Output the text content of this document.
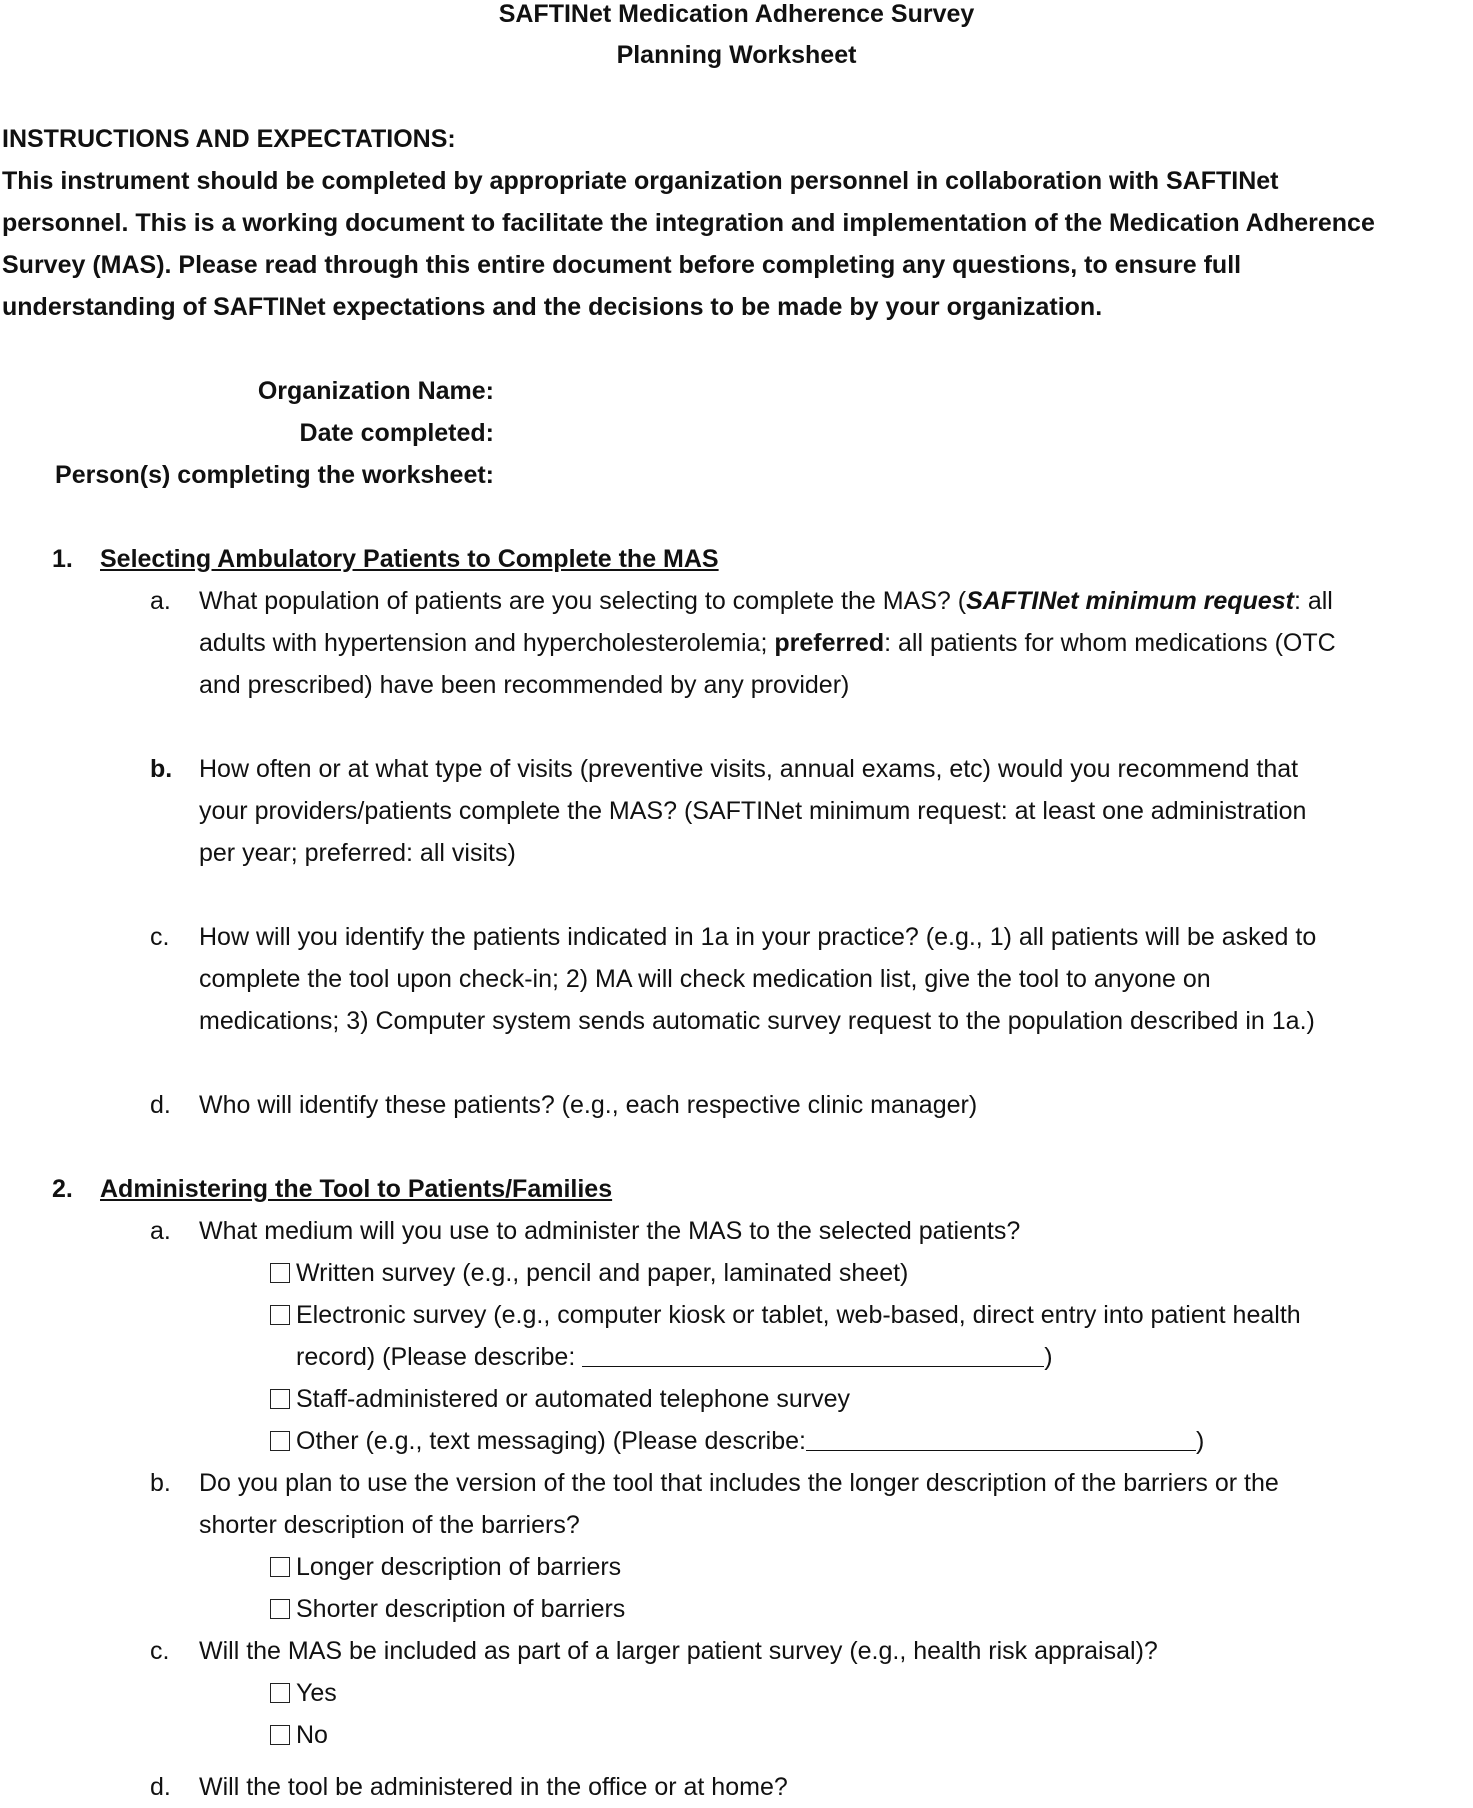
SAFTINet Medication Adherence Survey
Planning Worksheet
INSTRUCTIONS AND EXPECTATIONS:
This instrument should be completed by appropriate organization personnel in collaboration with SAFTINet
personnel. This is a working document to facilitate the integration and implementation of the Medication Adherence
Survey (MAS). Please read through this entire document before completing any questions, to ensure full
understanding of SAFTINet expectations and the decisions to be made by your organization.
Organization Name:
Date completed:
Person(s) completing the worksheet:
1. Selecting Ambulatory Patients to Complete the MAS
a.	What population of patients are you selecting to complete the MAS? (SAFTINet minimum request: all
adults with hypertension and hypercholesterolemia; preferred: all patients for whom medications (OTC
and prescribed) have been recommended by any provider)
b. How often or at what type of visits (preventive visits, annual exams, etc) would you recommend that
your providers/patients complete the MAS? (SAFTINet minimum request: at least one administration
per year; preferred: all visits)
c. How will you identify the patients indicated in 1a in your practice? (e.g., 1) all patients will be asked to
complete the tool upon check-in; 2) MA will check medication list, give the tool to anyone on
medications; 3) Computer system sends automatic survey request to the population described in 1a.)
d. Who will identify these patients? (e.g., each respective clinic manager)
2. Administering the Tool to Patients/Families
a. What medium will you use to administer the MAS to the selected patients?
Written survey (e.g., pencil and paper, laminated sheet)
Electronic survey (e.g., computer kiosk or tablet, web-based, direct entry into patient health
record) (Please describe:	)
Staff-administered or automated telephone survey
Other (e.g., text messaging) (Please describe:	)
b. Do you plan to use the version of the tool that includes the longer description of the barriers or the
shorter description of the barriers?
Longer description of barriers
Shorter description of barriers
c. Will the MAS be included as part of a larger patient survey (e.g., health risk appraisal)?
Yes
No
d. Will the tool be administered in the office or at home?
